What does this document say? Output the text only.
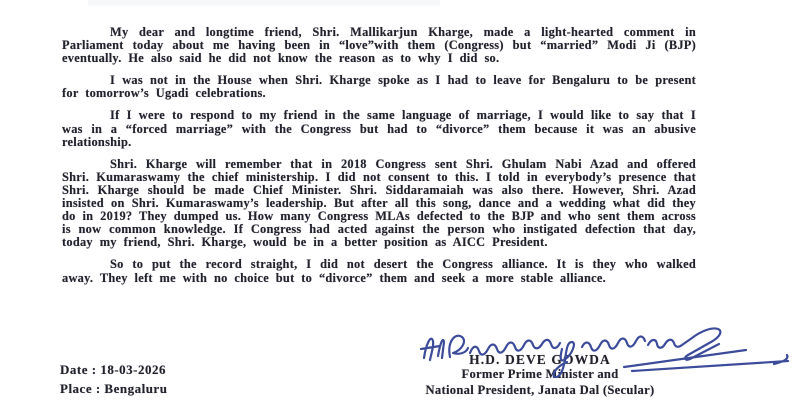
My dear and longtime friend, Shri. Mallikarjun Kharge, made a light-hearted comment in Parliament today about me having been in “love”with them (Congress) but “married” Modi Ji (BJP) eventually. He also said he did not know the reason as to why I did so.

I was not in the House when Shri. Kharge spoke as I had to leave for Bengaluru to be present for tomorrow’s Ugadi celebrations.

If I were to respond to my friend in the same language of marriage, I would like to say that I was in a “forced marriage” with the Congress but had to “divorce” them because it was an abusive relationship.

Shri. Kharge will remember that in 2018 Congress sent Shri. Ghulam Nabi Azad and offered Shri. Kumaraswamy the chief ministership. I did not consent to this. I told in everybody’s presence that Shri. Kharge should be made Chief Minister. Shri. Siddaramaiah was also there. However, Shri. Azad insisted on Shri. Kumaraswamy’s leadership. But after all this song, dance and a wedding what did they do in 2019? They dumped us. How many Congress MLAs defected to the BJP and who sent them across is now common knowledge. If Congress had acted against the person who instigated defection that day, today my friend, Shri. Kharge, would be in a better position as AICC President.

So to put the record straight, I did not desert the Congress alliance. It is they who walked away. They left me with no choice but to “divorce” them and seek a more stable alliance.

H.D. DEVE GOWDA
Former Prime Minister and
National President, Janata Dal (Secular)
Date : 18-03-2026
Place : Bengaluru
